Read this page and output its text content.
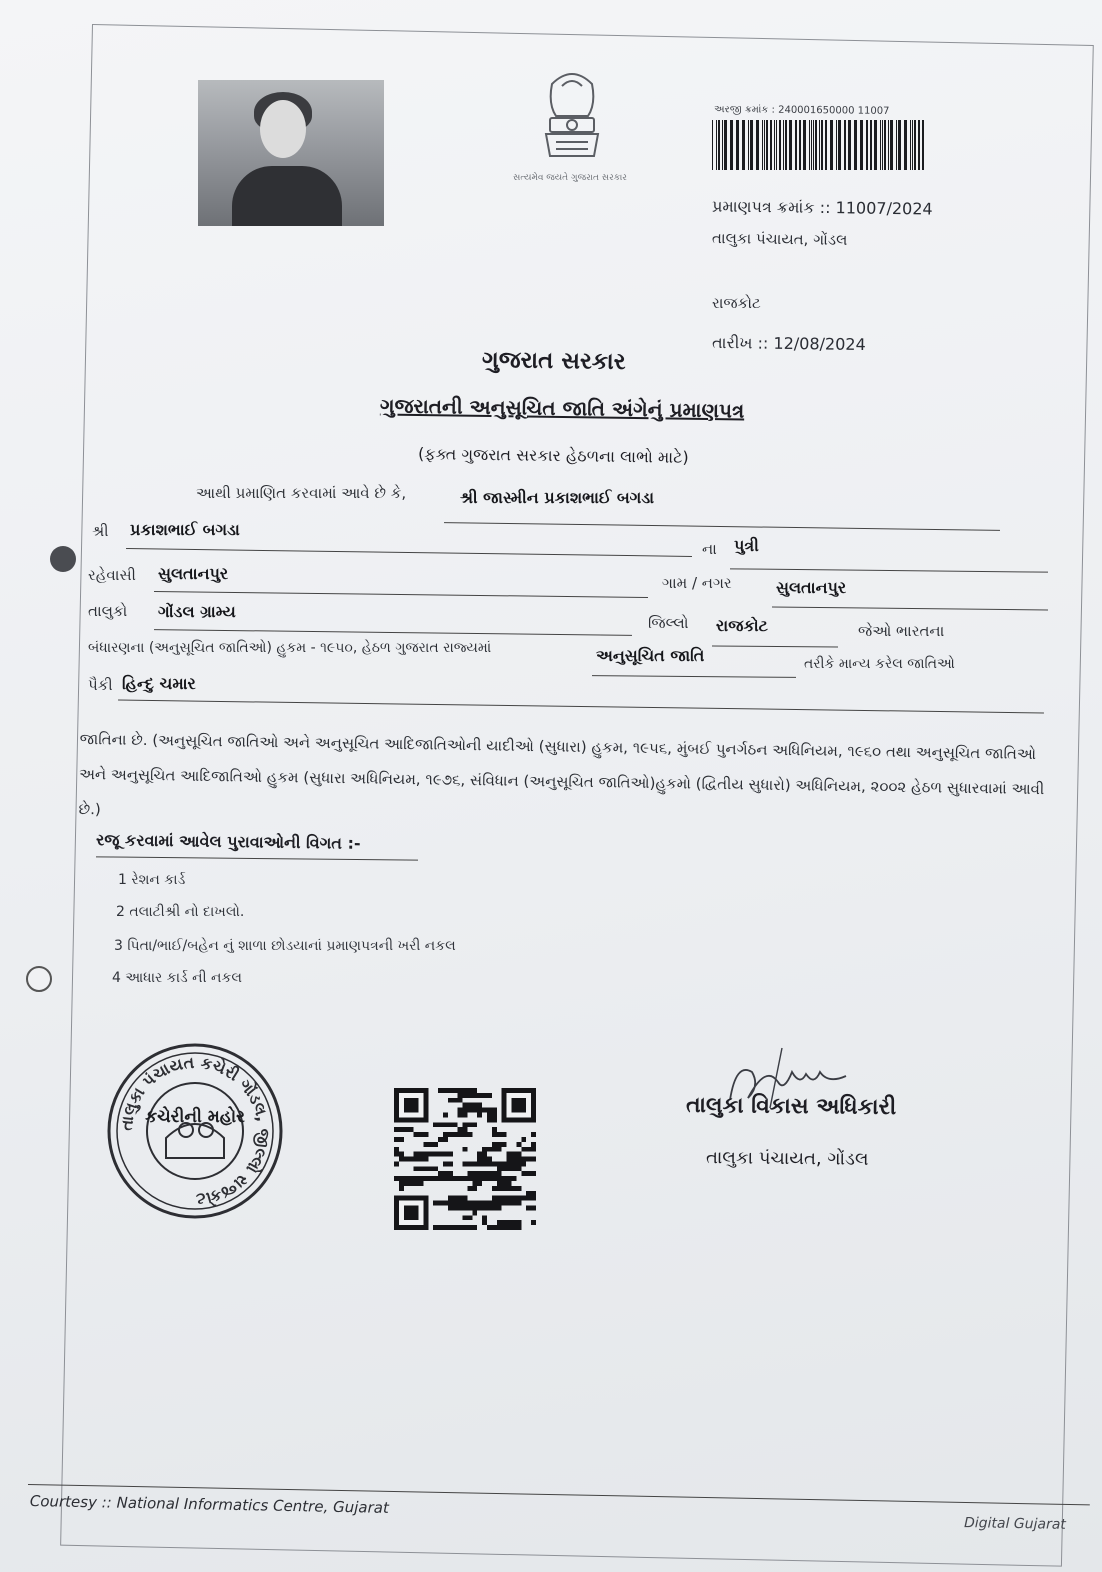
સત્યમેવ જયતે ગુજરાત સરકાર
અરજી ક્રમાંક : 240001650000 11007
પ્રમાણપત્ર ક્રમાંક :: 11007/2024
તાલુકા પંચાયત, ગોંડલ
રાજકોટ
તારીખ :: 12/08/2024
ગુજરાત સરકાર
ગુજરાતની અનુસૂચિત જાતિ અંગેનું પ્રમાણપત્ર
(ફક્ત ગુજરાત સરકાર હેઠળના લાભો માટે)
આથી પ્રમાણિત કરવામાં આવે છે કે,	શ્રી જાસ્મીન પ્રકાશભાઈ બગડા
શ્રી પ્રકાશભાઈ બગડા
ના પુત્રી
રહેવાસી સુલતાનપુર	ગામ / નગર	સુલતાનપુર
તાલુકો ગોંડલ ગ્રામ્ય
જિલ્લો રાજકોટ	જેઓ ભારતના
બંધારણના (અનુસૂચિત જાતિઓ) હુકમ - ૧૯૫૦, હેઠળ ગુજરાત રાજ્યમાં	અનુસૂચિત જાતિ	તરીકે માન્ય કરેલ જાતિઓ
પૈકી હિન્દુ ચમાર
જાતિના છે. (અનુસૂચિત જાતિઓ અને અનુસૂચિત આદિજાતિઓની યાદીઓ (સુધારા) હુકમ, ૧૯૫૬, મુંબઈ પુનર્ગઠન અધિનિયમ, ૧૯૬૦ તથા અનુસૂચિત જાતિઓ અને અનુસૂચિત આદિજાતિઓ હુકમ (સુધારા અધિનિયમ, ૧૯૭૬, સંવિધાન (અનુસૂચિત જાતિઓ)હુકમો (દ્વિતીય સુધારો) અધિનિયમ, ૨૦૦૨ હેઠળ સુધારવામાં આવી છે.)
રજૂ કરવામાં આવેલ પુરાવાઓની વિગત :-
1 રેશન કાર્ડ
2 તલાટીશ્રી નો દાખલો.
3 પિતા/ભાઈ/બહેન નું શાળા છોડયાનાં પ્રમાણપત્રની ખરી નકલ
4 આધાર કાર્ડ ની નકલ
તાલુકા પંચાયત કચેરી ગોંડલ, જીલ્લો રાજકોટ
કચેરીની મહોર	તાલુકા વિકાસ અધિકારી
તાલુકા પંચાયત, ગોંડલ
Courtesy :: National Informatics Centre, Gujarat
Digital Gujarat
